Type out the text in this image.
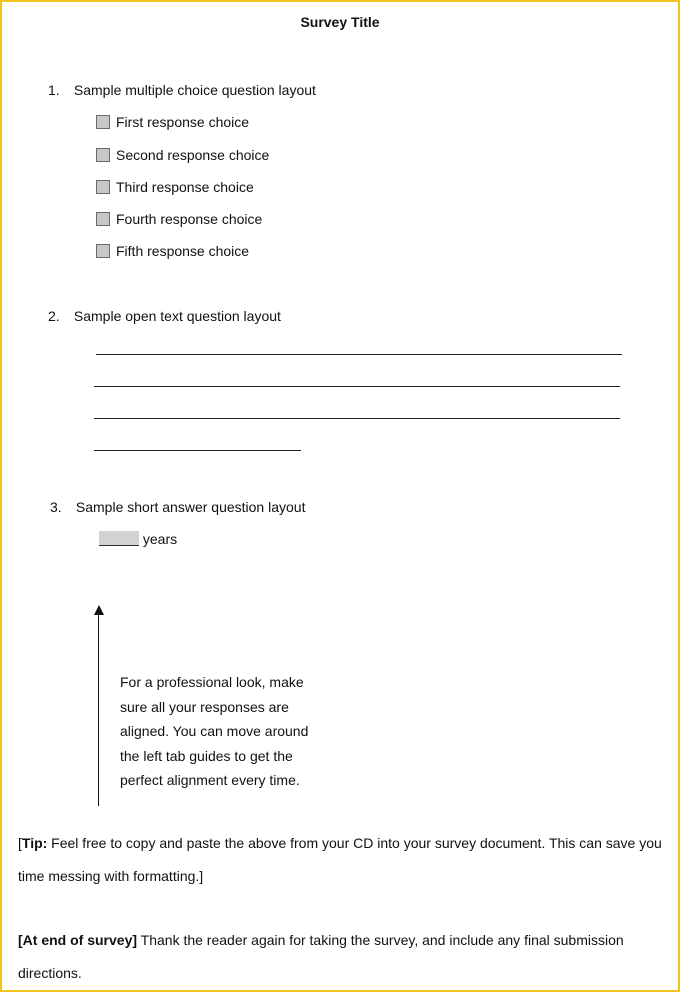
Survey Title
1. Sample multiple choice question layout
First response choice
Second response choice
Third response choice
Fourth response choice
Fifth response choice
2. Sample open text question layout
3. Sample short answer question layout
years
For a professional look, make
sure all your responses are
aligned. You can move around
the left tab guides to get the
perfect alignment every time.
[Tip: Feel free to copy and paste the above from your CD into your survey document. This can save you
time messing with formatting.]
[At end of survey] Thank the reader again for taking the survey, and include any final submission
directions.
